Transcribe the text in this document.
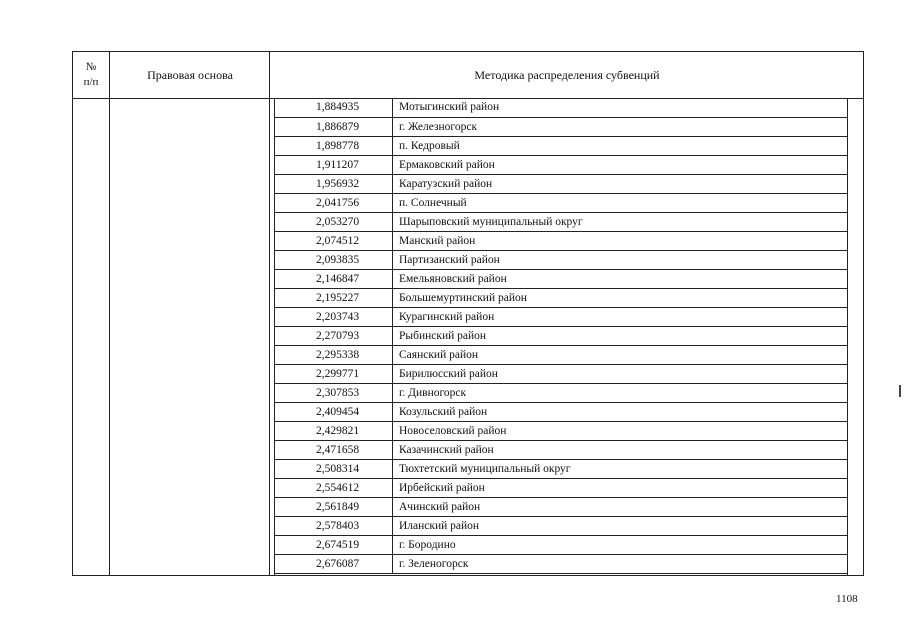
№
п/п	Правовая основа	Методика распределения субвенций
1,884935	Мотыгинский район
1,886879	г. Железногорск
1,898778	п. Кедровый
1,911207	Ермаковский район
1,956932	Каратузский район
2,041756	п. Солнечный
2,053270	Шарыповский муниципальный округ
2,074512	Манский район
2,093835	Партизанский район
2,146847	Емельяновский район
2,195227	Большемуртинский район
2,203743	Курагинский район
2,270793	Рыбинский район
2,295338	Саянский район
2,299771	Бирилюсский район
2,307853	г. Дивногорск
2,409454	Козульский район
2,429821	Новоселовский район
2,471658	Казачинский район
2,508314	Тюхтетский муниципальный округ
2,554612	Ирбейский район
2,561849	Ачинский район
2,578403	Иланский район
2,674519	г. Бородино
2,676087	г. Зеленогорск
1108
